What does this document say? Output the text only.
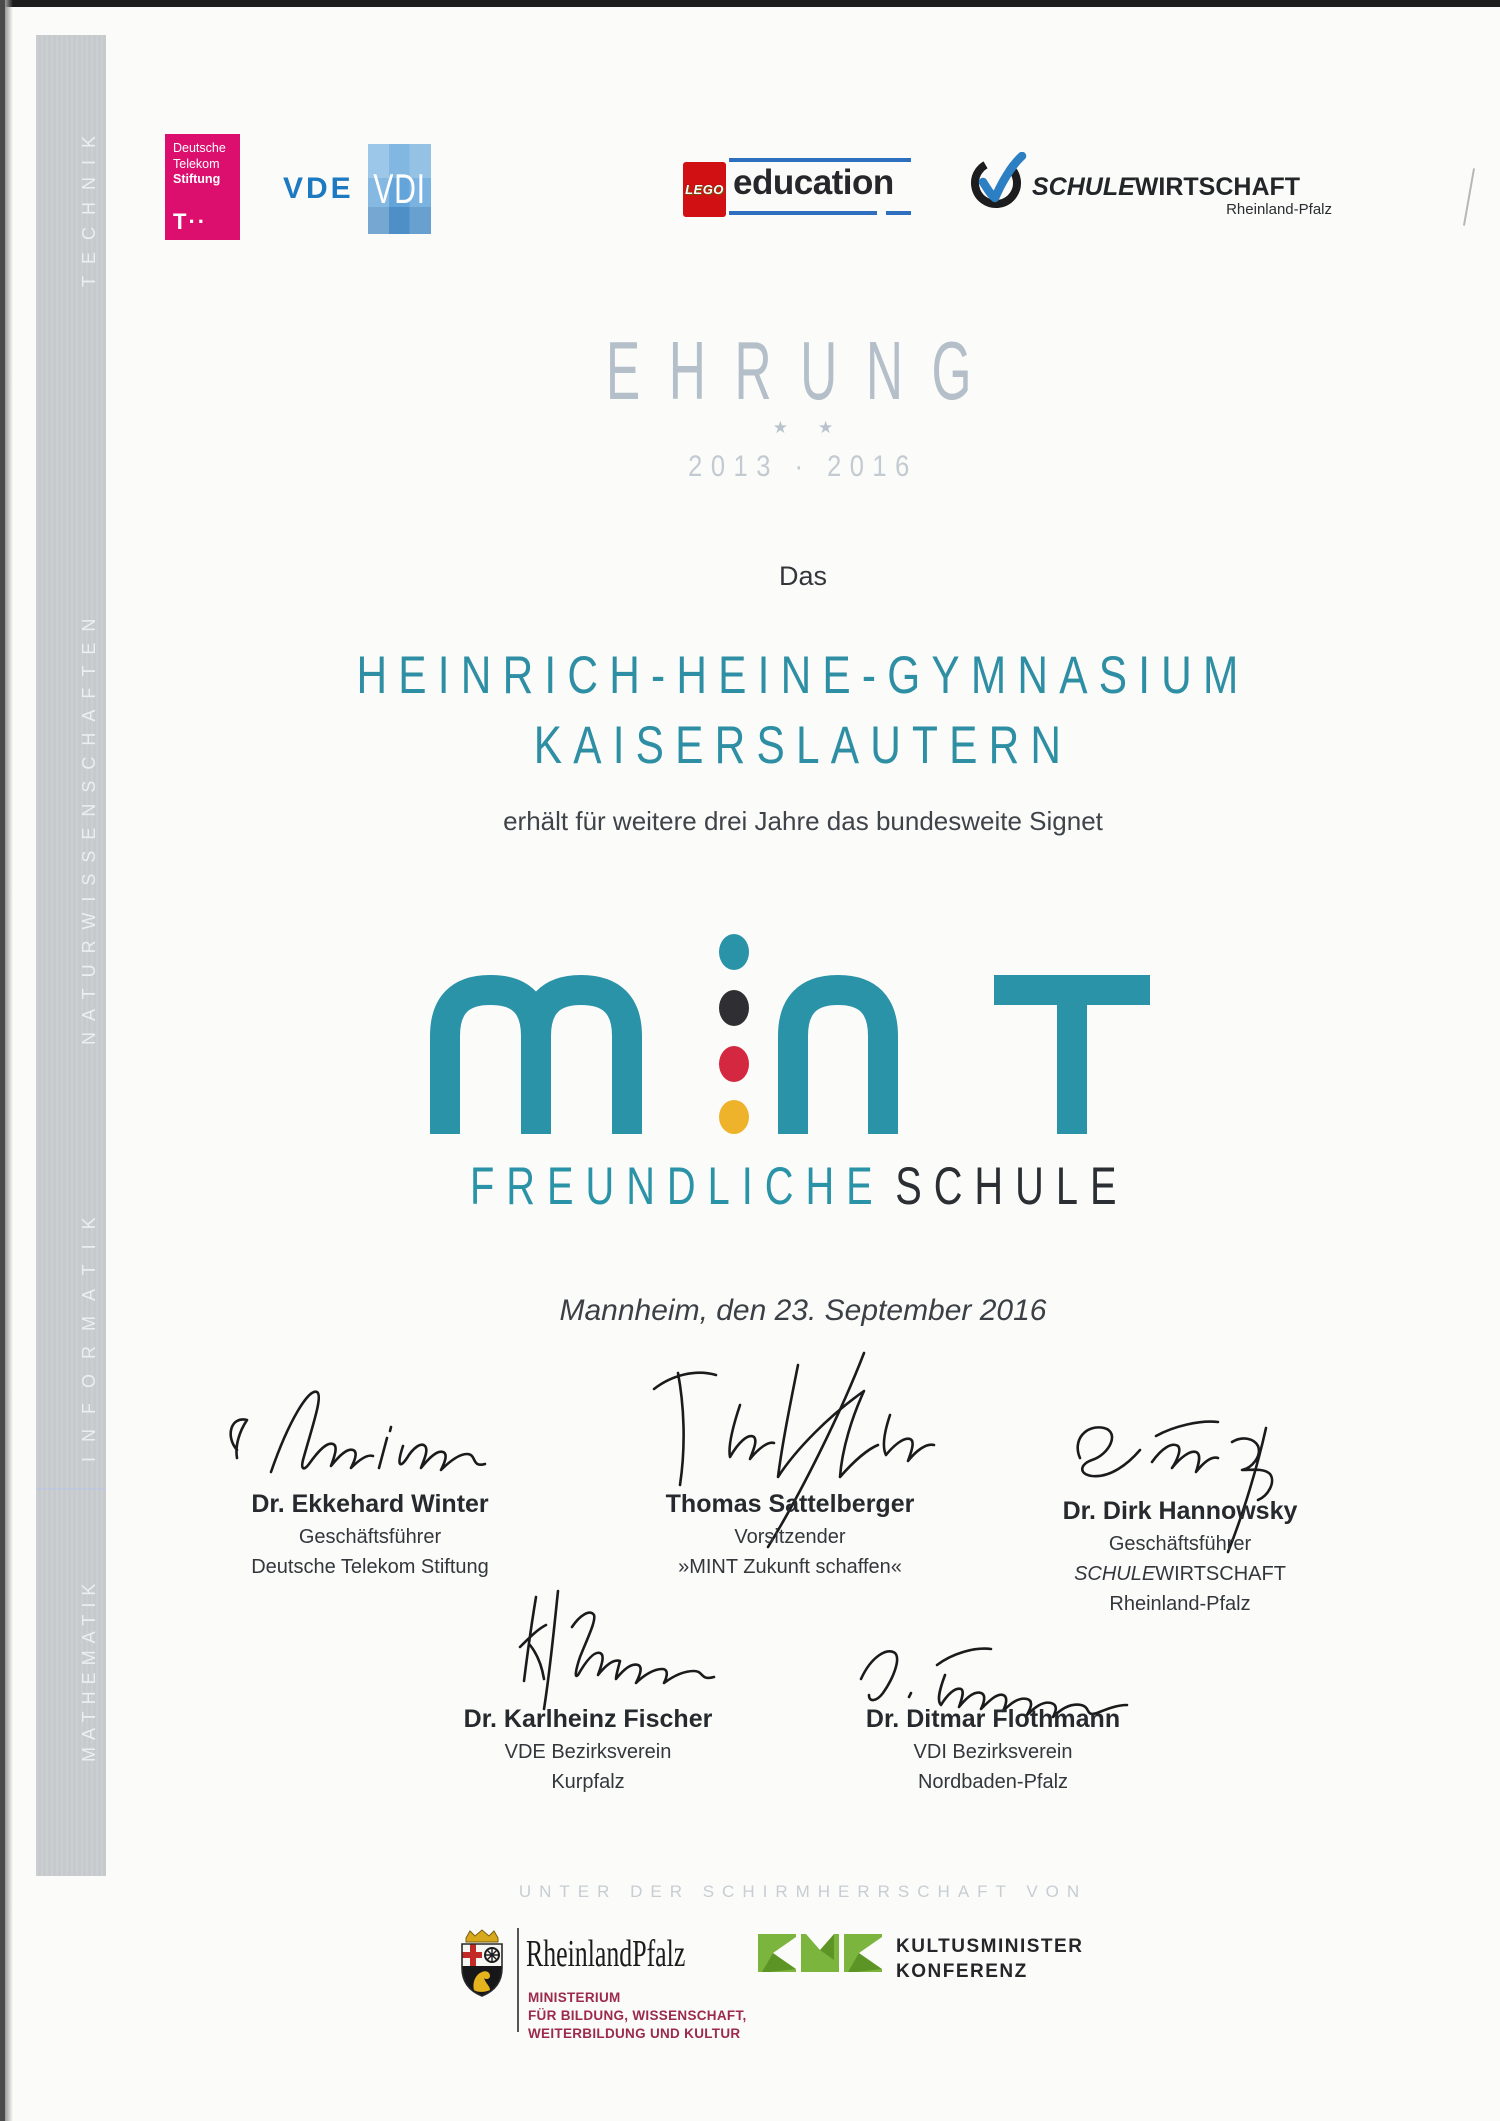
TECHNIK
NATURWISSENSCHAFTEN
INFORMATIK
MATHEMATIK
Deutsche
Telekom
Stiftung
T··
VDE VDI	LEGO education	SCHULEWIRTSCHAFT
Rheinland-Pfalz
EHRUNG
★★
2013 · 2016
Das
HEINRICH-HEINE-GYMNASIUM
KAISERSLAUTERN
erhält für weitere drei Jahre das bundesweite Signet
FREUNDLICHE SCHULE
Mannheim, den 23. September 2016
Dr. Ekkehard Winter
Geschäftsführer
Deutsche Telekom Stiftung
Thomas Sattelberger
Vorsitzender
»MINT Zukunft schaffen«
Dr. Dirk Hannowsky
Geschäftsführer
SCHULEWIRTSCHAFT
Rheinland-Pfalz
Dr. Karlheinz Fischer
VDE Bezirksverein
Kurpfalz
Dr. Ditmar Flothmann
VDI Bezirksverein
Nordbaden-Pfalz
UNTER DER SCHIRMHERRSCHAFT VON
RheinlandPfalz
MINISTERIUM
FÜR BILDUNG, WISSENSCHAFT,
WEITERBILDUNG UND KULTUR
KULTUSMINISTER
KONFERENZ
